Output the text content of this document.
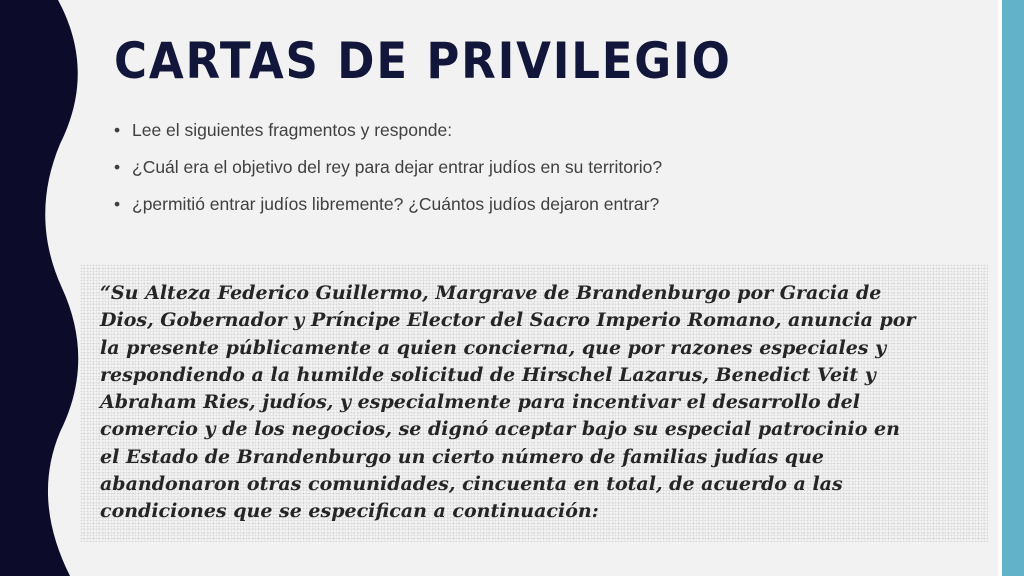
CARTAS DE PRIVILEGIO
• Lee el siguientes fragmentos y responde:
• ¿Cuál era el objetivo del rey para dejar entrar judíos en su territorio?
• ¿permitió entrar judíos libremente? ¿Cuántos judíos dejaron entrar?
“Su Alteza Federico Guillermo, Margrave de Brandenburgo por Gracia de
Dios, Gobernador y Príncipe Elector del Sacro Imperio Romano, anuncia por
la presente públicamente a quien concierna, que por razones especiales y
respondiendo a la humilde solicitud de Hirschel Lazarus, Benedict Veit y
Abraham Ries, judíos, y especialmente para incentivar el desarrollo del
comercio y de los negocios, se dignó aceptar bajo su especial patrocinio en
el Estado de Brandenburgo un cierto número de familias judías que
abandonaron otras comunidades, cincuenta en total, de acuerdo a las
condiciones que se especifican a continuación:
